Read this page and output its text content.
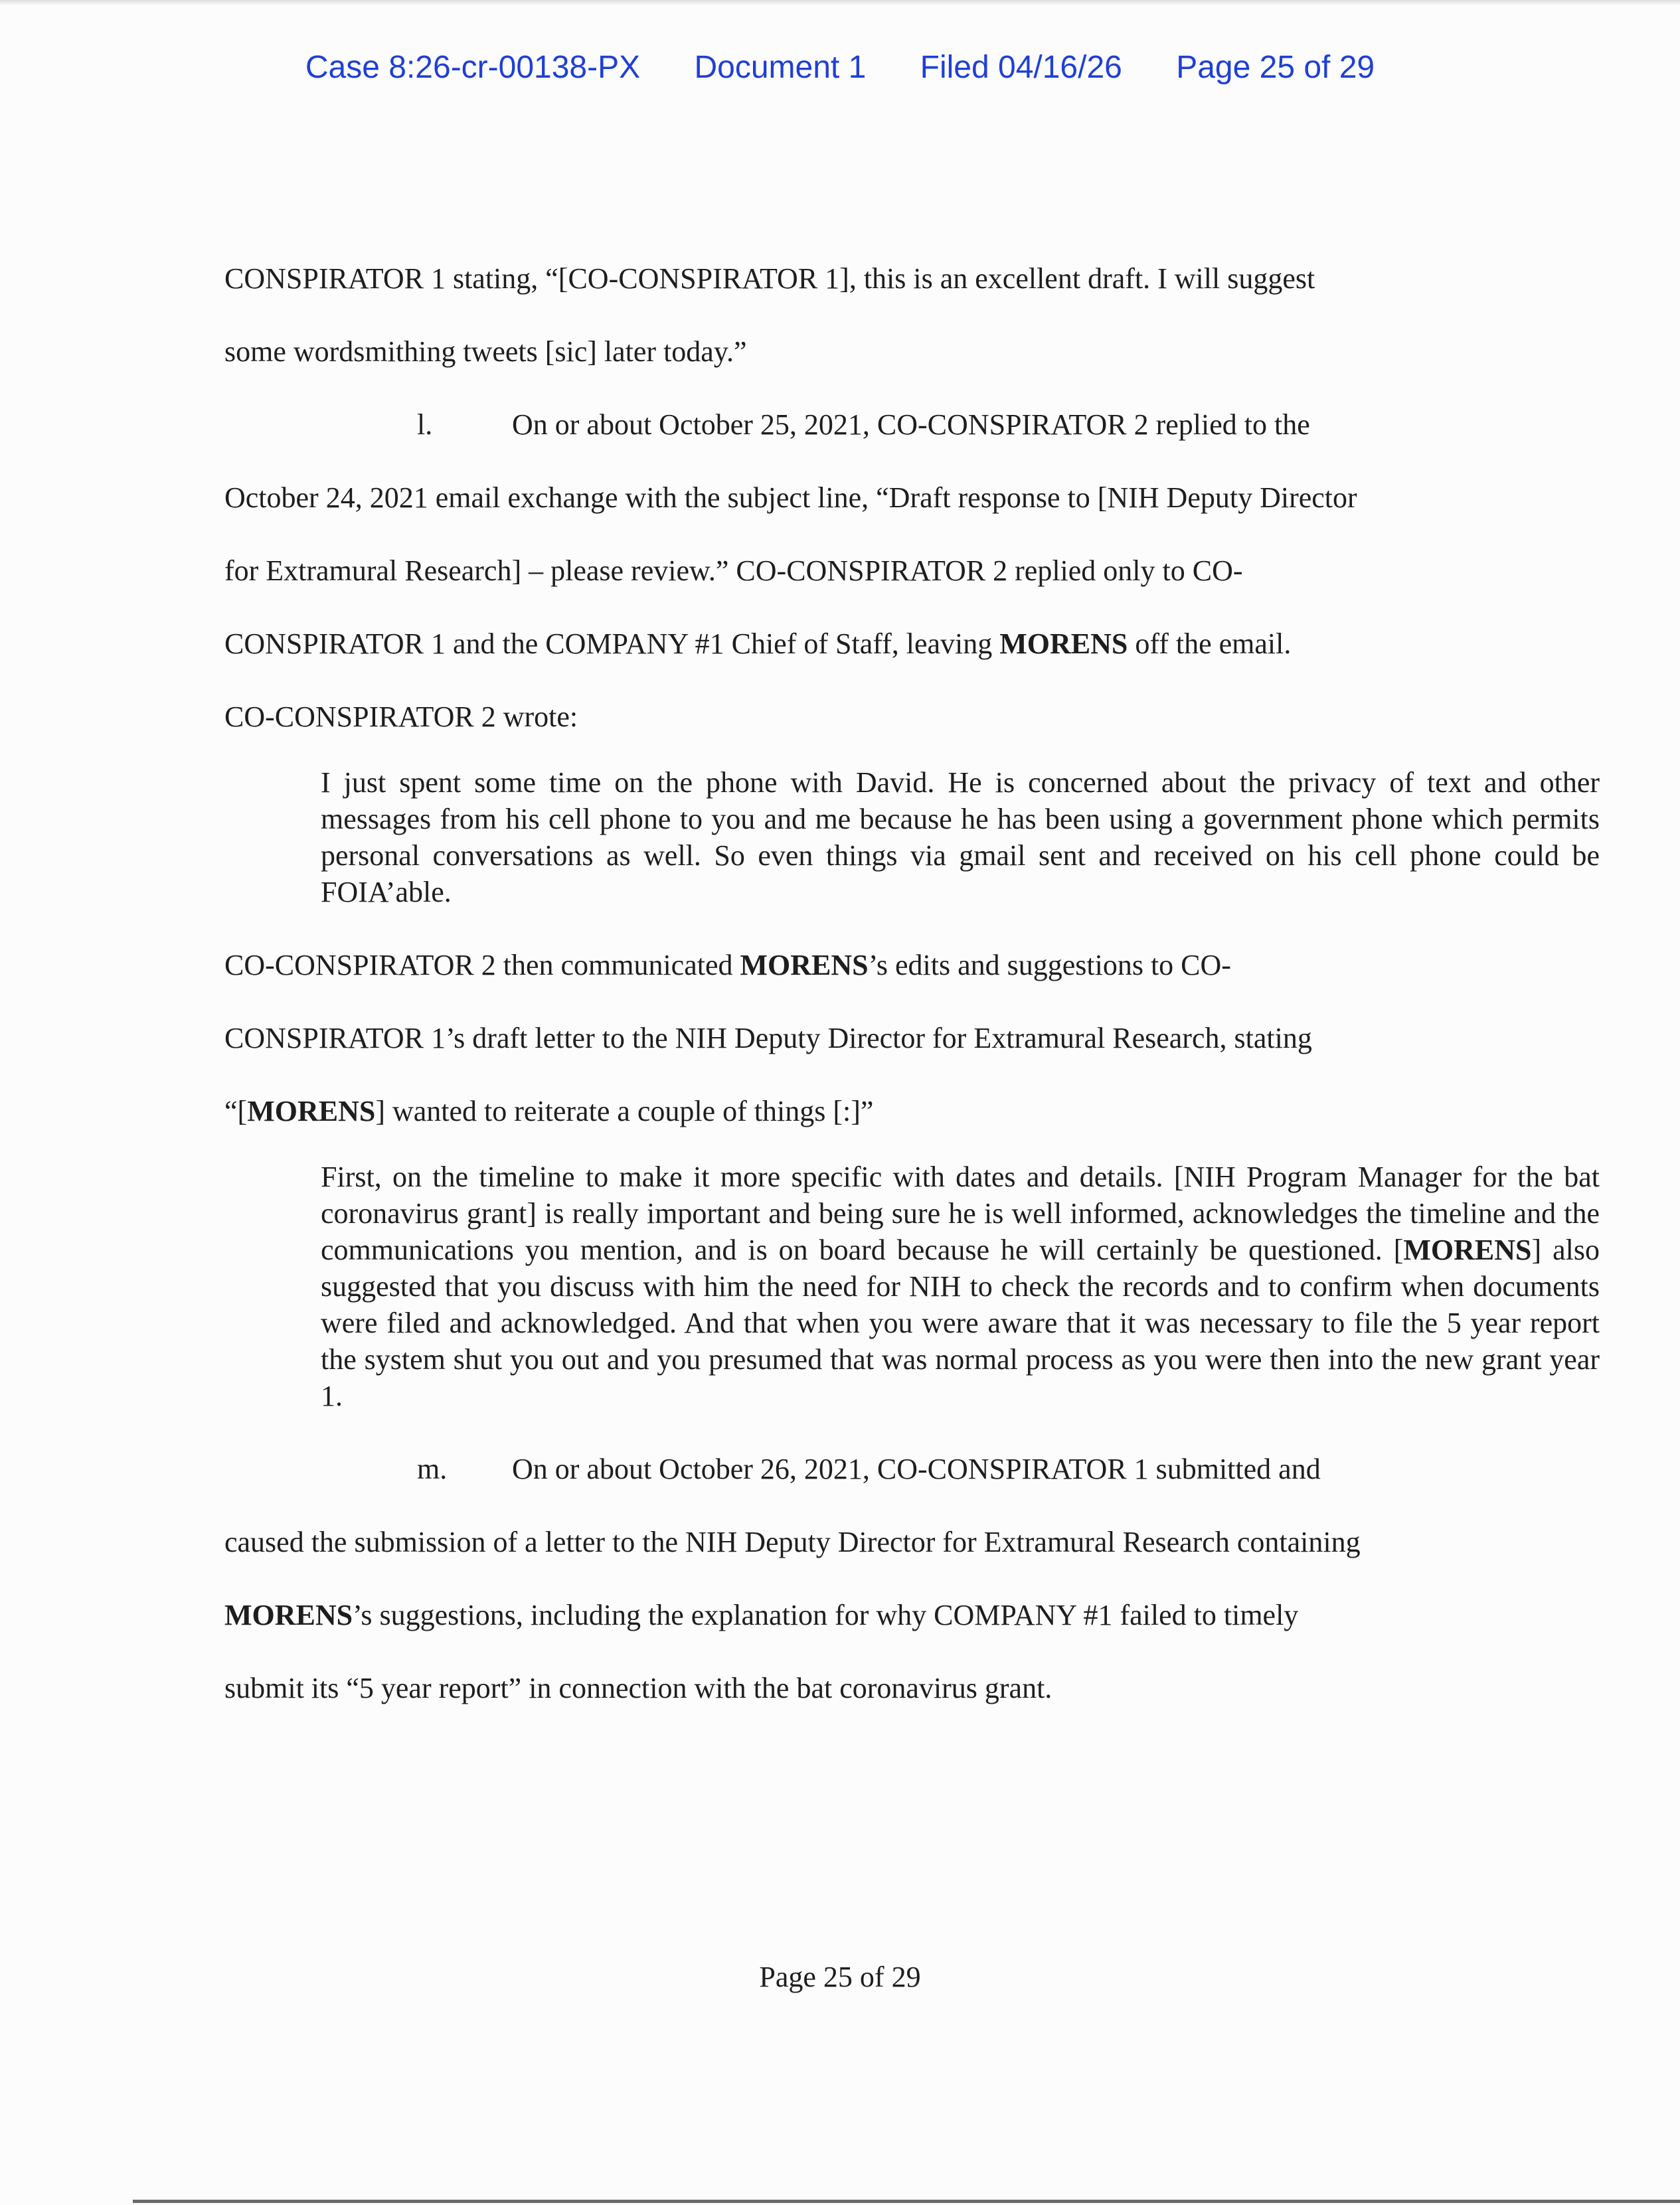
Case 8:26-cr-00138-PX Document 1 Filed 04/16/26 Page 25 of 29
CONSPIRATOR 1 stating, “[CO-CONSPIRATOR 1], this is an excellent draft. I will suggest
some wordsmithing tweets [sic] later today.”
l.	On or about October 25, 2021, CO-CONSPIRATOR 2 replied to the
October 24, 2021 email exchange with the subject line, “Draft response to [NIH Deputy Director
for Extramural Research] – please review.” CO-CONSPIRATOR 2 replied only to CO-
CONSPIRATOR 1 and the COMPANY #1 Chief of Staff, leaving MORENS off the email.
CO-CONSPIRATOR 2 wrote:

I just spent some time on the phone with David. He is concerned about the privacy of text and other messages from his cell phone to you and me because he has been using a government phone which permits personal conversations as well. So even things via gmail sent and received on his cell phone could be FOIA’able.

CO-CONSPIRATOR 2 then communicated MORENS’s edits and suggestions to CO-
CONSPIRATOR 1’s draft letter to the NIH Deputy Director for Extramural Research, stating
“[MORENS] wanted to reiterate a couple of things [:]”

First, on the timeline to make it more specific with dates and details. [NIH Program Manager for the bat coronavirus grant] is really important and being sure he is well informed, acknowledges the timeline and the communications you mention, and is on board because he will certainly be questioned. [MORENS] also suggested that you discuss with him the need for NIH to check the records and to confirm when documents were filed and acknowledged. And that when you were aware that it was necessary to file the 5 year report the system shut you out and you presumed that was normal process as you were then into the new grant year 1.

m. On or about October 26, 2021, CO-CONSPIRATOR 1 submitted and
caused the submission of a letter to the NIH Deputy Director for Extramural Research containing
MORENS’s suggestions, including the explanation for why COMPANY #1 failed to timely
submit its “5 year report” in connection with the bat coronavirus grant.
Page 25 of 29
